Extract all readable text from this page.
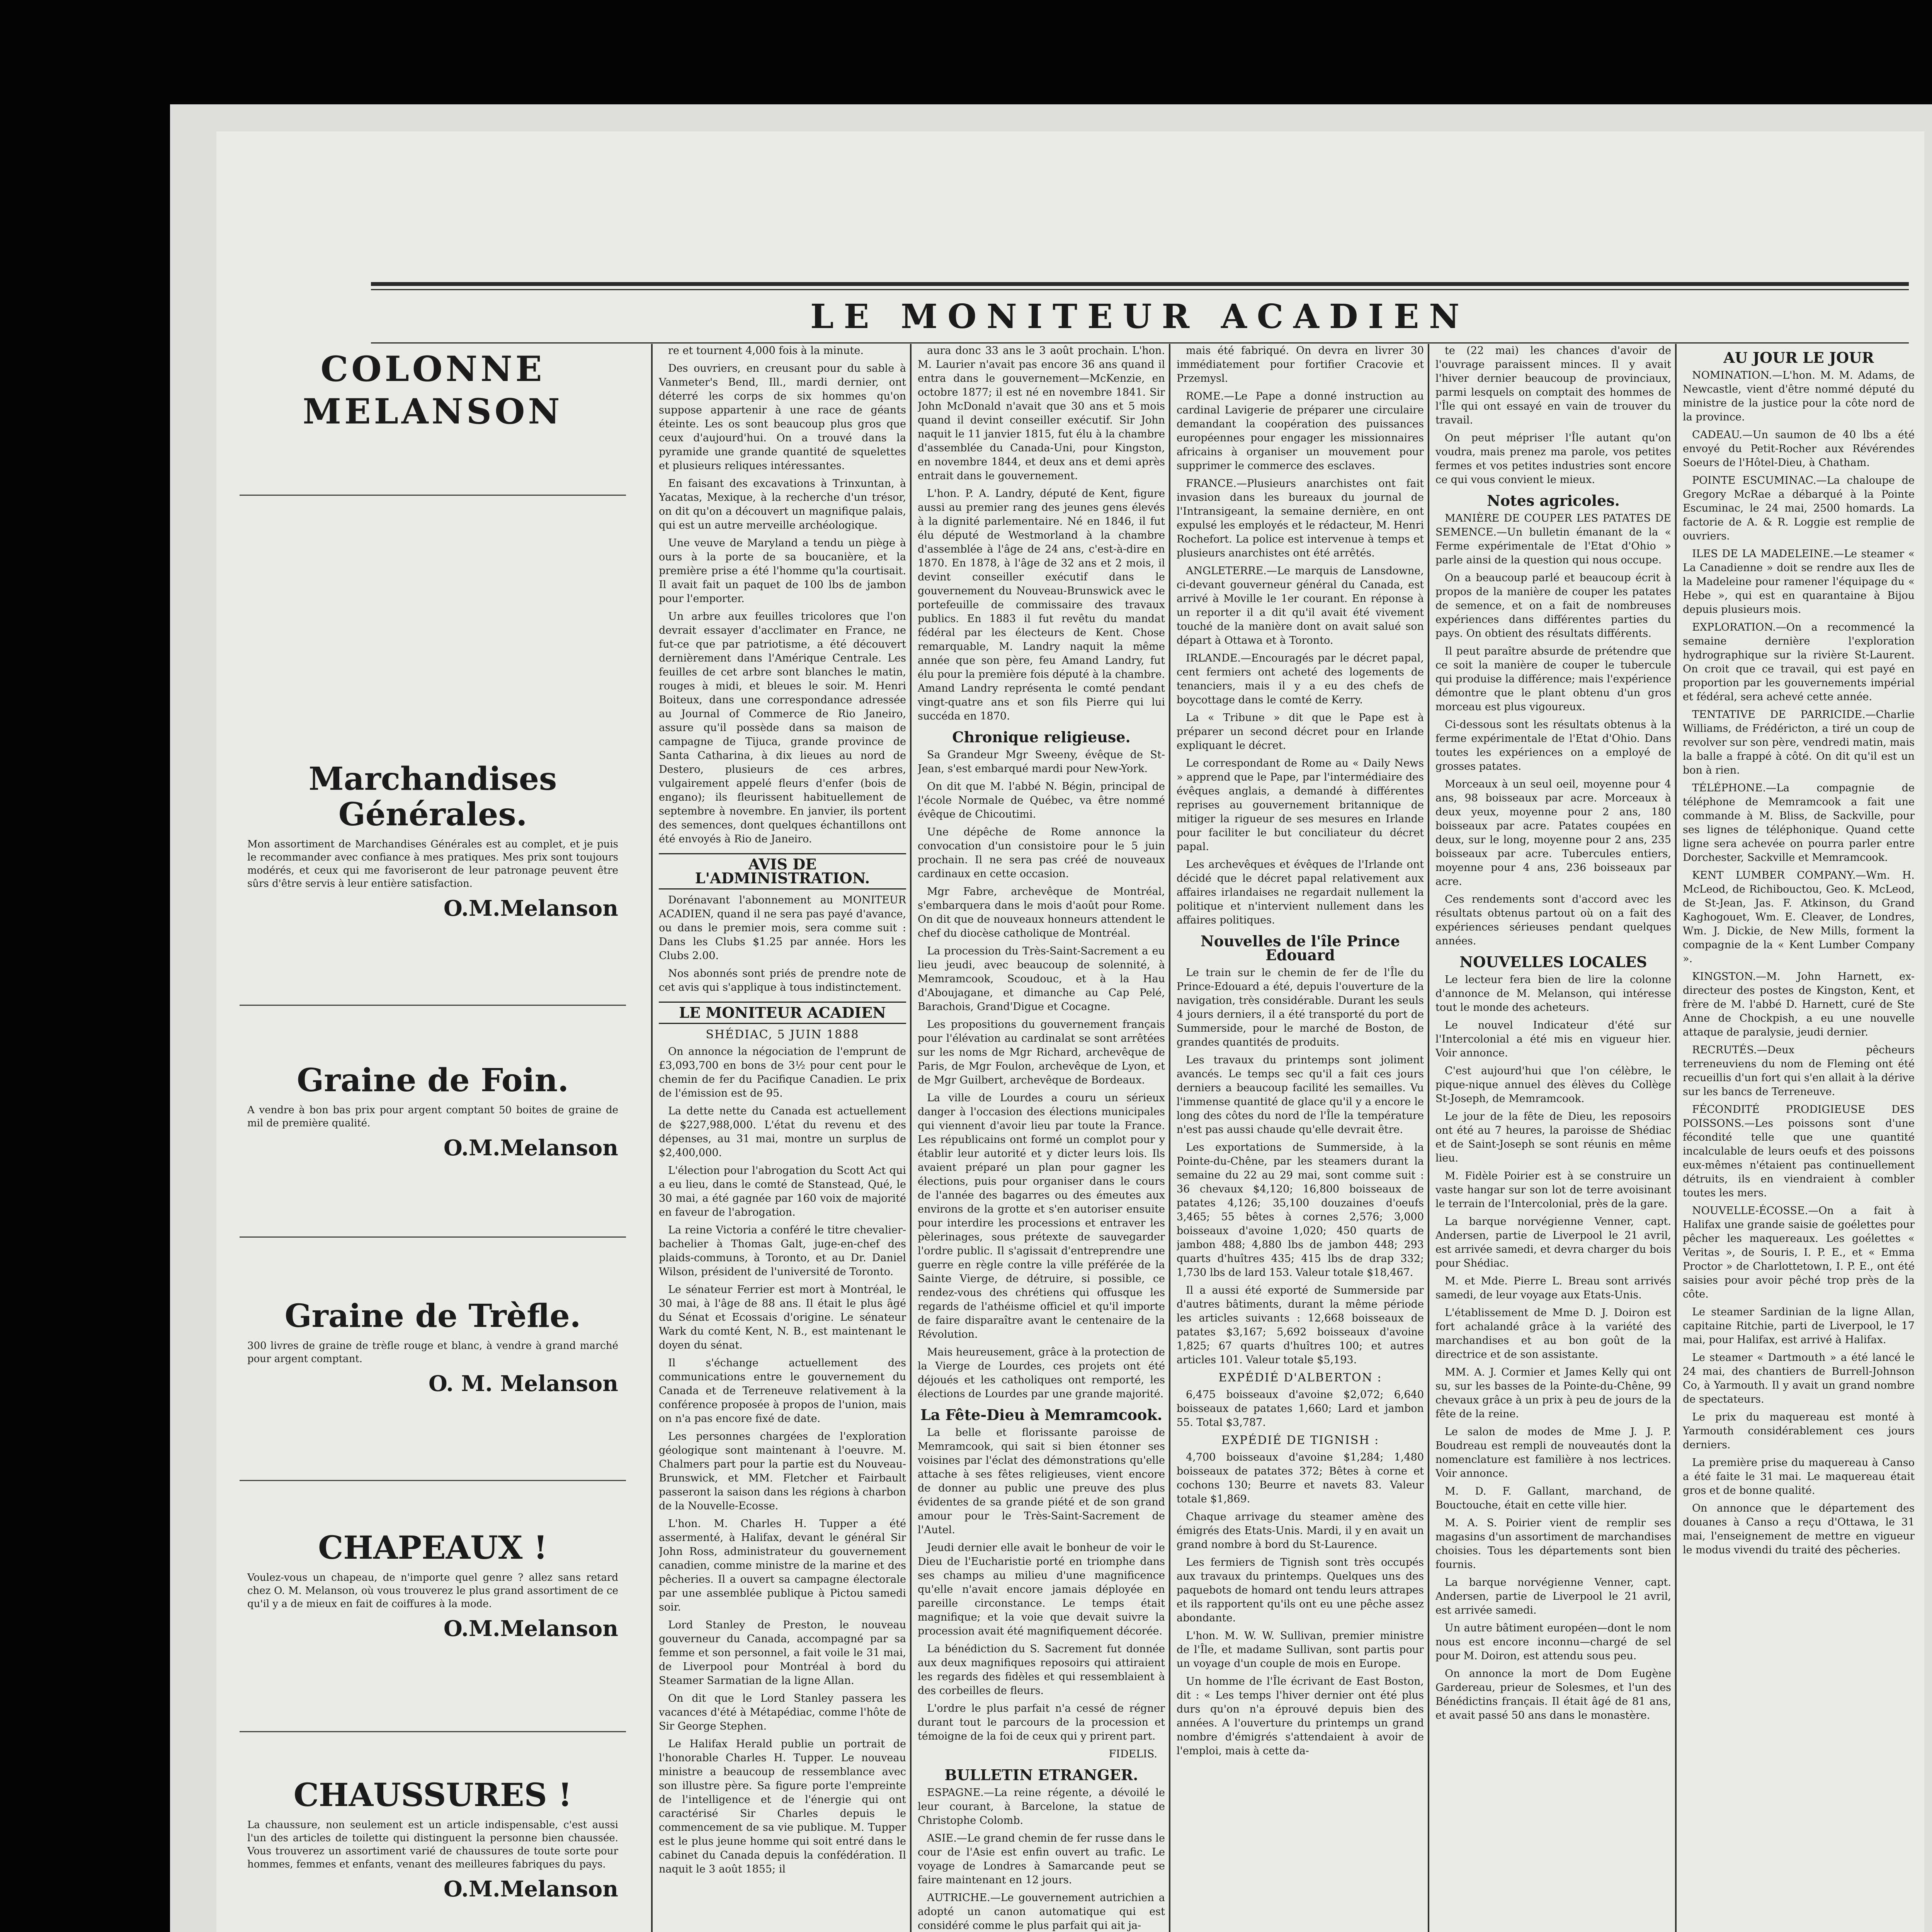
LE MONITEUR ACADIEN
COLONNE MELANSON
Marchandises Générales.
Mon assortiment de Marchandises Générales est au complet, et je puis le recommander avec confiance à mes pratiques. Mes prix sont toujours modérés, et ceux qui me favoriseront de leur patronage peuvent être sûrs d'être servis à leur entière satisfaction.
O.M.Melanson
Graine de Foin.
A vendre à bon bas prix pour argent comptant 50 boites de graine de mil de première qualité.
O.M.Melanson
Graine de Trèfle.
300 livres de graine de trèfle rouge et blanc, à vendre à grand marché pour argent comptant.
O. M. Melanson
CHAPEAUX !
Voulez-vous un chapeau, de n'importe quel genre ? allez sans retard chez O. M. Melanson, où vous trouverez le plus grand assortiment de ce qu'il y a de mieux en fait de coiffures à la mode.
O.M.Melanson
CHAUSSURES !
La chaussure, non seulement est un article indispensable, c'est aussi l'un des articles de toilette qui distinguent la personne bien chaussée. Vous trouverez un assortiment varié de chaussures de toute sorte pour hommes, femmes et enfants, venant des meilleures fabriques du pays.
O.M.Melanson

re et tournent 4,000 fois à la minute.

Des ouvriers, en creusant pour du sable à Vanmeter's Bend, Ill., mardi dernier, ont déterré les corps de six hommes qu'on suppose appartenir à une race de géants éteinte. Les os sont beaucoup plus gros que ceux d'aujourd'hui. On a trouvé dans la pyramide une grande quantité de squelettes et plusieurs reliques intéressantes.

En faisant des excavations à Trinxuntan, à Yacatas, Mexique, à la recherche d'un trésor, on dit qu'on a découvert un magnifique palais, qui est un autre merveille archéologique.

Une veuve de Maryland a tendu un piège à ours à la porte de sa boucanière, et la première prise a été l'homme qu'la courtisait. Il avait fait un paquet de 100 lbs de jambon pour l'emporter.

Un arbre aux feuilles tricolores que l'on devrait essayer d'acclimater en France, ne fut-ce que par patriotisme, a été découvert dernièrement dans l'Amérique Centrale. Les feuilles de cet arbre sont blanches le matin, rouges à midi, et bleues le soir. M. Henri Boiteux, dans une correspondance adressée au Journal of Commerce de Rio Janeiro, assure qu'il possède dans sa maison de campagne de Tijuca, grande province de Santa Catharina, à dix lieues au nord de Destero, plusieurs de ces arbres, vulgairement appelé fleurs d'enfer (bois de engano); ils fleurissent habituellement de septembre à novembre. En janvier, ils portent des semences, dont quelques échantillons ont été envoyés à Rio de Janeiro.

AVIS DE L'ADMINISTRATION.

Dorénavant l'abonnement au MONITEUR ACADIEN, quand il ne sera pas payé d'avance, ou dans le premier mois, sera comme suit : Dans les Clubs $1.25 par année. Hors les Clubs 2.00.

Nos abonnés sont priés de prendre note de cet avis qui s'applique à tous indistinctement.

LE MONITEUR ACADIEN
SHÉDIAC, 5 JUIN 1888

On annonce la négociation de l'emprunt de £3,093,700 en bons de 3½ pour cent pour le chemin de fer du Pacifique Canadien. Le prix de l'émission est de 95.

La dette nette du Canada est actuellement de $227,988,000. L'état du revenu et des dépenses, au 31 mai, montre un surplus de $2,400,000.

L'élection pour l'abrogation du Scott Act qui a eu lieu, dans le comté de Stanstead, Qué, le 30 mai, a été gagnée par 160 voix de majorité en faveur de l'abrogation.

La reine Victoria a conféré le titre chevalier-bachelier à Thomas Galt, juge-en-chef des plaids-communs, à Toronto, et au Dr. Daniel Wilson, président de l'université de Toronto.

Le sénateur Ferrier est mort à Montréal, le 30 mai, à l'âge de 88 ans. Il était le plus âgé du Sénat et Ecossais d'origine. Le sénateur Wark du comté Kent, N. B., est maintenant le doyen du sénat.

Il s'échange actuellement des communications entre le gouvernement du Canada et de Terreneuve relativement à la conférence proposée à propos de l'union, mais on n'a pas encore fixé de date.

Les personnes chargées de l'exploration géologique sont maintenant à l'oeuvre. M. Chalmers part pour la partie est du Nouveau-Brunswick, et MM. Fletcher et Fairbault passeront la saison dans les régions à charbon de la Nouvelle-Ecosse.

L'hon. M. Charles H. Tupper a été assermenté, à Halifax, devant le général Sir John Ross, administrateur du gouvernement canadien, comme ministre de la marine et des pêcheries. Il a ouvert sa campagne électorale par une assemblée publique à Pictou samedi soir.

Lord Stanley de Preston, le nouveau gouverneur du Canada, accompagné par sa femme et son personnel, a fait voile le 31 mai, de Liverpool pour Montréal à bord du Steamer Sarmatian de la ligne Allan.

On dit que le Lord Stanley passera les vacances d'été à Métapédiac, comme l'hôte de Sir George Stephen.

Le Halifax Herald publie un portrait de l'honorable Charles H. Tupper. Le nouveau ministre a beaucoup de ressemblance avec son illustre père. Sa figure porte l'empreinte de l'intelligence et de l'énergie qui ont caractérisé Sir Charles depuis le commencement de sa vie publique. M. Tupper est le plus jeune homme qui soit entré dans le cabinet du Canada depuis la confédération. Il naquit le 3 août 1855; il

aura donc 33 ans le 3 août prochain. L'hon. M. Laurier n'avait pas encore 36 ans quand il entra dans le gouvernement—McKenzie, en octobre 1877; il est né en novembre 1841. Sir John McDonald n'avait que 30 ans et 5 mois quand il devint conseiller exécutif. Sir John naquit le 11 janvier 1815, fut élu à la chambre d'assemblée du Canada-Uni, pour Kingston, en novembre 1844, et deux ans et demi après entrait dans le gouvernement.

L'hon. P. A. Landry, député de Kent, figure aussi au premier rang des jeunes gens élevés à la dignité parlementaire. Né en 1846, il fut élu député de Westmorland à la chambre d'assemblée à l'âge de 24 ans, c'est-à-dire en 1870. En 1878, à l'âge de 32 ans et 2 mois, il devint conseiller exécutif dans le gouvernement du Nouveau-Brunswick avec le portefeuille de commissaire des travaux publics. En 1883 il fut revêtu du mandat fédéral par les électeurs de Kent. Chose remarquable, M. Landry naquit la même année que son père, feu Amand Landry, fut élu pour la première fois député à la chambre. Amand Landry représenta le comté pendant vingt-quatre ans et son fils Pierre qui lui succéda en 1870.

Chronique religieuse.

Sa Grandeur Mgr Sweeny, évêque de St-Jean, s'est embarqué mardi pour New-York.

On dit que M. l'abbé N. Bégin, principal de l'école Normale de Québec, va être nommé évêque de Chicoutimi.

Une dépêche de Rome annonce la convocation d'un consistoire pour le 5 juin prochain. Il ne sera pas créé de nouveaux cardinaux en cette occasion.

Mgr Fabre, archevêque de Montréal, s'embarquera dans le mois d'août pour Rome. On dit que de nouveaux honneurs attendent le chef du diocèse catholique de Montréal.

La procession du Très-Saint-Sacrement a eu lieu jeudi, avec beaucoup de solennité, à Memramcook, Scoudouc, et à la Hau d'Aboujagane, et dimanche au Cap Pelé, Barachois, Grand'Digue et Cocagne.

Les propositions du gouvernement français pour l'élévation au cardinalat se sont arrêtées sur les noms de Mgr Richard, archevêque de Paris, de Mgr Foulon, archevêque de Lyon, et de Mgr Guilbert, archevêque de Bordeaux.

La ville de Lourdes a couru un sérieux danger à l'occasion des élections municipales qui viennent d'avoir lieu par toute la France. Les républicains ont formé un complot pour y établir leur autorité et y dicter leurs lois. Ils avaient préparé un plan pour gagner les élections, puis pour organiser dans le cours de l'année des bagarres ou des émeutes aux environs de la grotte et s'en autoriser ensuite pour interdire les processions et entraver les pèlerinages, sous prétexte de sauvegarder l'ordre public. Il s'agissait d'entreprendre une guerre en règle contre la ville préférée de la Sainte Vierge, de détruire, si possible, ce rendez-vous des chrétiens qui offusque les regards de l'athéisme officiel et qu'il importe de faire disparaître avant le centenaire de la Révolution.

Mais heureusement, grâce à la protection de la Vierge de Lourdes, ces projets ont été déjoués et les catholiques ont remporté, les élections de Lourdes par une grande majorité.

La Fête-Dieu à Memramcook.

La belle et florissante paroisse de Memramcook, qui sait si bien étonner ses voisines par l'éclat des démonstrations qu'elle attache à ses fêtes religieuses, vient encore de donner au public une preuve des plus évidentes de sa grande piété et de son grand amour pour le Très-Saint-Sacrement de l'Autel.

Jeudi dernier elle avait le bonheur de voir le Dieu de l'Eucharistie porté en triomphe dans ses champs au milieu d'une magnificence qu'elle n'avait encore jamais déployée en pareille circonstance. Le temps était magnifique; et la voie que devait suivre la procession avait été magnifiquement décorée.

La bénédiction du S. Sacrement fut donnée aux deux magnifiques reposoirs qui attiraient les regards des fidèles et qui ressemblaient à des corbeilles de fleurs.

L'ordre le plus parfait n'a cessé de régner durant tout le parcours de la procession et témoigne de la foi de ceux qui y prirent part.

FIDELIS.
BULLETIN ETRANGER.

ESPAGNE.—La reine régente, a dévoilé le leur courant, à Barcelone, la statue de Christophe Colomb.

ASIE.—Le grand chemin de fer russe dans le cour de l'Asie est enfin ouvert au trafic. Le voyage de Londres à Samarcande peut se faire maintenant en 12 jours.

AUTRICHE.—Le gouvernement autrichien a adopté un canon automatique qui est considéré comme le plus parfait qui ait ja-

mais été fabriqué. On devra en livrer 30 immédiatement pour fortifier Cracovie et Przemysl.

ROME.—Le Pape a donné instruction au cardinal Lavigerie de préparer une circulaire demandant la coopération des puissances européennes pour engager les missionnaires africains à organiser un mouvement pour supprimer le commerce des esclaves.

FRANCE.—Plusieurs anarchistes ont fait invasion dans les bureaux du journal de l'Intransigeant, la semaine dernière, en ont expulsé les employés et le rédacteur, M. Henri Rochefort. La police est intervenue à temps et plusieurs anarchistes ont été arrêtés.

ANGLETERRE.—Le marquis de Lansdowne, ci-devant gouverneur général du Canada, est arrivé à Moville le 1er courant. En réponse à un reporter il a dit qu'il avait été vivement touché de la manière dont on avait salué son départ à Ottawa et à Toronto.

IRLANDE.—Encouragés par le décret papal, cent fermiers ont acheté des logements de tenanciers, mais il y a eu des chefs de boycottage dans le comté de Kerry.

La « Tribune » dit que le Pape est à préparer un second décret pour en Irlande expliquant le décret.

Le correspondant de Rome au « Daily News » apprend que le Pape, par l'intermédiaire des évêques anglais, a demandé à différentes reprises au gouvernement britannique de mitiger la rigueur de ses mesures en Irlande pour faciliter le but conciliateur du décret papal.

Les archevêques et évêques de l'Irlande ont décidé que le décret papal relativement aux affaires irlandaises ne regardait nullement la politique et n'intervient nullement dans les affaires politiques.

Nouvelles de l'île Prince Edouard

Le train sur le chemin de fer de l'Île du Prince-Edouard a été, depuis l'ouverture de la navigation, très considérable. Durant les seuls 4 jours derniers, il a été transporté du port de Summerside, pour le marché de Boston, de grandes quantités de produits.

Les travaux du printemps sont joliment avancés. Le temps sec qu'il a fait ces jours derniers a beaucoup facilité les semailles. Vu l'immense quantité de glace qu'il y a encore le long des côtes du nord de l'Île la température n'est pas aussi chaude qu'elle devrait être.

Les exportations de Summerside, à la Pointe-du-Chêne, par les steamers durant la semaine du 22 au 29 mai, sont comme suit : 36 chevaux $4,120; 16,800 boisseaux de patates 4,126; 35,100 douzaines d'oeufs 3,465; 55 bêtes à cornes 2,576; 3,000 boisseaux d'avoine 1,020; 450 quarts de jambon 488; 4,880 lbs de jambon 448; 293 quarts d'huîtres 435; 415 lbs de drap 332; 1,730 lbs de lard 153. Valeur totale $18,467.

Il a aussi été exporté de Summerside par d'autres bâtiments, durant la même période les articles suivants : 12,668 boisseaux de patates $3,167; 5,692 boisseaux d'avoine 1,825; 67 quarts d'huîtres 100; et autres articles 101. Valeur totale $5,193.

EXPÉDIÉ D'ALBERTON :

6,475 boisseaux d'avoine $2,072; 6,640 boisseaux de patates 1,660; Lard et jambon 55. Total $3,787.

EXPÉDIÉ DE TIGNISH :

4,700 boisseaux d'avoine $1,284; 1,480 boisseaux de patates 372; Bêtes à corne et cochons 130; Beurre et navets 83. Valeur totale $1,869.

Chaque arrivage du steamer amène des émigrés des Etats-Unis. Mardi, il y en avait un grand nombre à bord du St-Laurence.

Les fermiers de Tignish sont très occupés aux travaux du printemps. Quelques uns des paquebots de homard ont tendu leurs attrapes et ils rapportent qu'ils ont eu une pêche assez abondante.

L'hon. M. W. W. Sullivan, premier ministre de l'Île, et madame Sullivan, sont partis pour un voyage d'un couple de mois en Europe.

Un homme de l'Île écrivant de East Boston, dit : « Les temps l'hiver dernier ont été plus durs qu'on n'a éprouvé depuis bien des années. A l'ouverture du printemps un grand nombre d'émigrés s'attendaient à avoir de l'emploi, mais à cette da-

te (22 mai) les chances d'avoir de l'ouvrage paraissent minces. Il y avait l'hiver dernier beaucoup de provinciaux, parmi lesquels on comptait des hommes de l'Île qui ont essayé en vain de trouver du travail.

On peut mépriser l'Île autant qu'on voudra, mais prenez ma parole, vos petites fermes et vos petites industries sont encore ce qui vous convient le mieux.

Notes agricoles.

MANIÈRE DE COUPER LES PATATES DE SEMENCE.—Un bulletin émanant de la « Ferme expérimentale de l'Etat d'Ohio » parle ainsi de la question qui nous occupe.

On a beaucoup parlé et beaucoup écrit à propos de la manière de couper les patates de semence, et on a fait de nombreuses expériences dans différentes parties du pays. On obtient des résultats différents.

Il peut paraître absurde de prétendre que ce soit la manière de couper le tubercule qui produise la différence; mais l'expérience démontre que le plant obtenu d'un gros morceau est plus vigoureux.

Ci-dessous sont les résultats obtenus à la ferme expérimentale de l'Etat d'Ohio. Dans toutes les expériences on a employé de grosses patates.

Morceaux à un seul oeil, moyenne pour 4 ans, 98 boisseaux par acre. Morceaux à deux yeux, moyenne pour 2 ans, 180 boisseaux par acre. Patates coupées en deux, sur le long, moyenne pour 2 ans, 235 boisseaux par acre. Tubercules entiers, moyenne pour 4 ans, 236 boisseaux par acre.

Ces rendements sont d'accord avec les résultats obtenus partout où on a fait des expériences sérieuses pendant quelques années.

NOUVELLES LOCALES

Le lecteur fera bien de lire la colonne d'annonce de M. Melanson, qui intéresse tout le monde des acheteurs.

Le nouvel Indicateur d'été sur l'Intercolonial a été mis en vigueur hier. Voir annonce.

C'est aujourd'hui que l'on célèbre, le pique-nique annuel des élèves du Collège St-Joseph, de Memramcook.

Le jour de la fête de Dieu, les reposoirs ont été au 7 heures, la paroisse de Shédiac et de Saint-Joseph se sont réunis en même lieu.

M. Fidèle Poirier est à se construire un vaste hangar sur son lot de terre avoisinant le terrain de l'Intercolonial, près de la gare.

La barque norvégienne Venner, capt. Andersen, partie de Liverpool le 21 avril, est arrivée samedi, et devra charger du bois pour Shédiac.

M. et Mde. Pierre L. Breau sont arrivés samedi, de leur voyage aux Etats-Unis.

L'établissement de Mme D. J. Doiron est fort achalandé grâce à la variété des marchandises et au bon goût de la directrice et de son assistante.

MM. A. J. Cormier et James Kelly qui ont su, sur les basses de la Pointe-du-Chêne, 99 chevaux grâce à un prix à peu de jours de la fête de la reine.

Le salon de modes de Mme J. J. P. Boudreau est rempli de nouveautés dont la nomenclature est familière à nos lectrices. Voir annonce.

M. D. F. Gallant, marchand, de Bouctouche, était en cette ville hier.

M. A. S. Poirier vient de remplir ses magasins d'un assortiment de marchandises choisies. Tous les départements sont bien fournis.

La barque norvégienne Venner, capt. Andersen, partie de Liverpool le 21 avril, est arrivée samedi.

Un autre bâtiment européen—dont le nom nous est encore inconnu—chargé de sel pour M. Doiron, est attendu sous peu.

On annonce la mort de Dom Eugène Gardereau, prieur de Solesmes, et l'un des Bénédictins français. Il était âgé de 81 ans, et avait passé 50 ans dans le monastère.

AU JOUR LE JOUR

NOMINATION.—L'hon. M. M. Adams, de Newcastle, vient d'être nommé député du ministre de la justice pour la côte nord de la province.

CADEAU.—Un saumon de 40 lbs a été envoyé du Petit-Rocher aux Révérendes Soeurs de l'Hôtel-Dieu, à Chatham.

POINTE ESCUMINAC.—La chaloupe de Gregory McRae a débarqué à la Pointe Escuminac, le 24 mai, 2500 homards. La factorie de A. & R. Loggie est remplie de ouvriers.

ILES DE LA MADELEINE.—Le steamer « La Canadienne » doit se rendre aux Iles de la Madeleine pour ramener l'équipage du « Hebe », qui est en quarantaine à Bijou depuis plusieurs mois.

EXPLORATION.—On a recommencé la semaine dernière l'exploration hydrographique sur la rivière St-Laurent. On croit que ce travail, qui est payé en proportion par les gouvernements impérial et fédéral, sera achevé cette année.

TENTATIVE DE PARRICIDE.—Charlie Williams, de Frédéricton, a tiré un coup de revolver sur son père, vendredi matin, mais la balle a frappé à côté. On dit qu'il est un bon à rien.

TÉLÉPHONE.—La compagnie de téléphone de Memramcook a fait une commande à M. Bliss, de Sackville, pour ses lignes de téléphonique. Quand cette ligne sera achevée on pourra parler entre Dorchester, Sackville et Memramcook.

KENT LUMBER COMPANY.—Wm. H. McLeod, de Richibouctou, Geo. K. McLeod, de St-Jean, Jas. F. Atkinson, du Grand Kaghogouet, Wm. E. Cleaver, de Londres, Wm. J. Dickie, de New Mills, forment la compagnie de la « Kent Lumber Company ».

KINGSTON.—M. John Harnett, ex-directeur des postes de Kingston, Kent, et frère de M. l'abbé D. Harnett, curé de Ste Anne de Chockpish, a eu une nouvelle attaque de paralysie, jeudi dernier.

RECRUTÉS.—Deux pêcheurs terreneuviens du nom de Fleming ont été recueillis d'un fort qui s'en allait à la dérive sur les bancs de Terreneuve.

FÉCONDITÉ PRODIGIEUSE DES POISSONS.—Les poissons sont d'une fécondité telle que une quantité incalculable de leurs oeufs et des poissons eux-mêmes n'étaient pas continuellement détruits, ils en viendraient à combler toutes les mers.

NOUVELLE-ÉCOSSE.—On a fait à Halifax une grande saisie de goélettes pour pêcher les maquereaux. Les goélettes « Veritas », de Souris, I. P. E., et « Emma Proctor » de Charlottetown, I. P. E., ont été saisies pour avoir pêché trop près de la côte.

Le steamer Sardinian de la ligne Allan, capitaine Ritchie, parti de Liverpool, le 17 mai, pour Halifax, est arrivé à Halifax.

Le steamer « Dartmouth » a été lancé le 24 mai, des chantiers de Burrell-Johnson Co, à Yarmouth. Il y avait un grand nombre de spectateurs.

Le prix du maquereau est monté à Yarmouth considérablement ces jours derniers.

La première prise du maquereau à Canso a été faite le 31 mai. Le maquereau était gros et de bonne qualité.

On annonce que le département des douanes à Canso a reçu d'Ottawa, le 31 mai, l'enseignement de mettre en vigueur le modus vivendi du traité des pêcheries.
